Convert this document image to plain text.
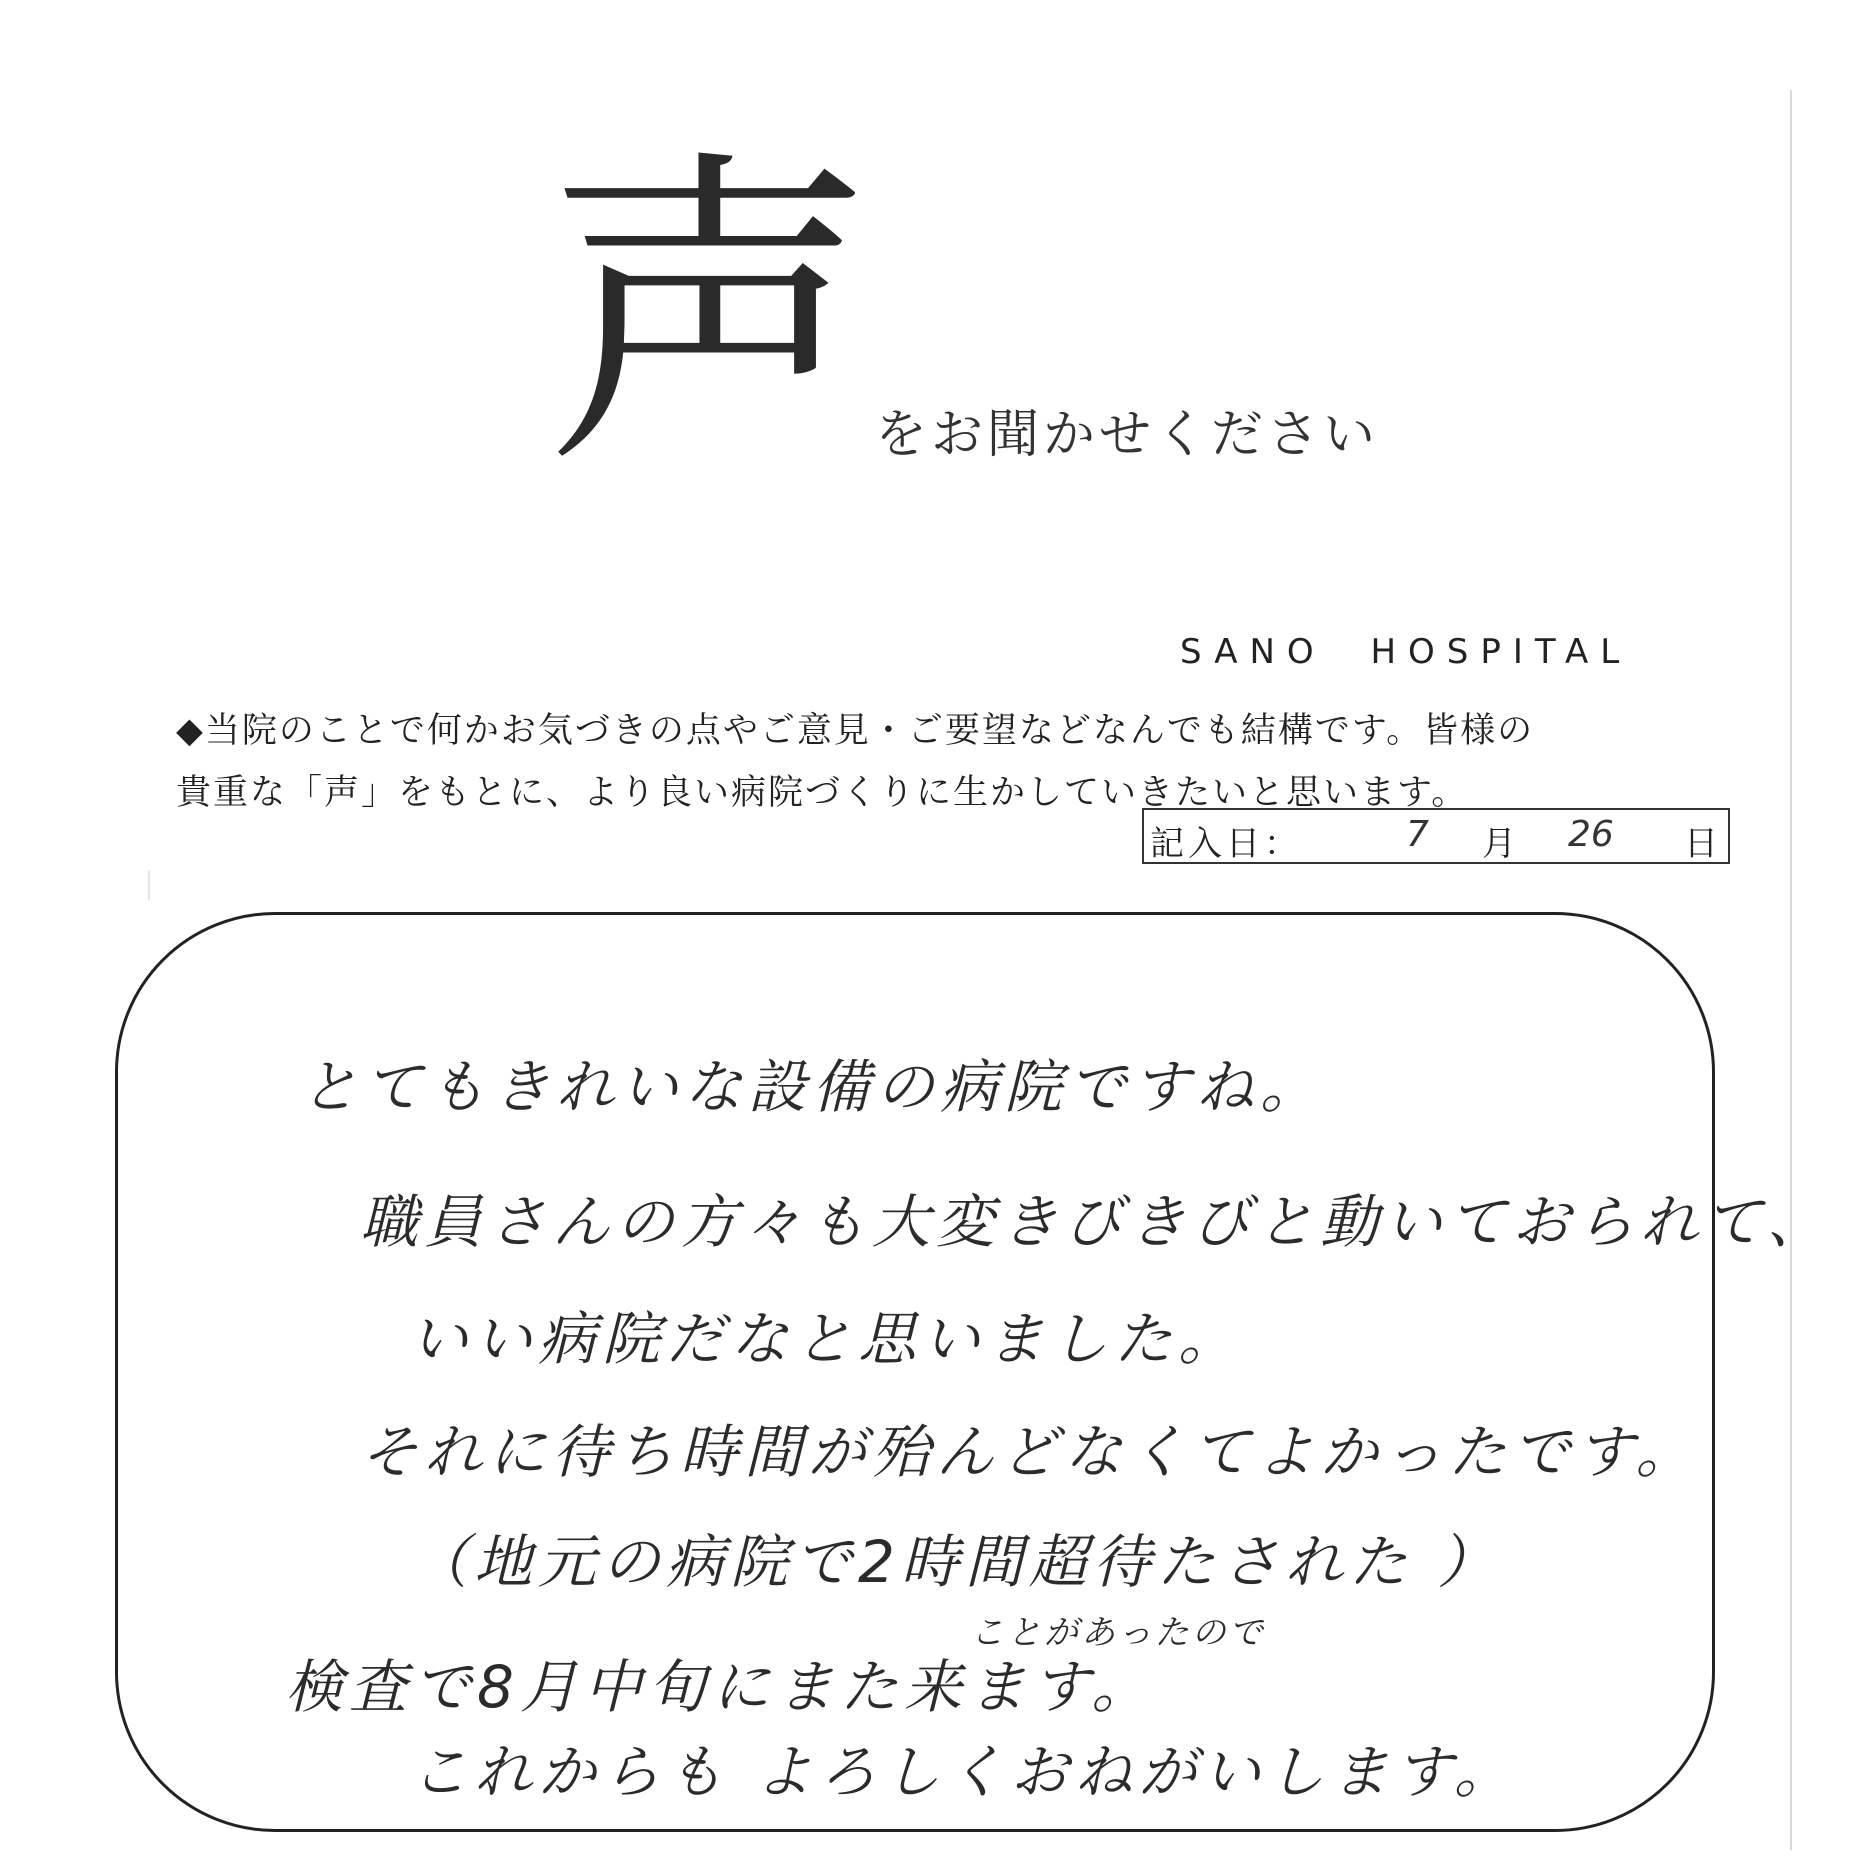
声 をお聞かせください
SANO HOSPITAL
◆当院のことで何かお気づきの点やご意見・ご要望などなんでも結構です。皆様の
貴重な「声」をもとに、より良い病院づくりに生かしていきたいと思います。
記入日：	7 月 26 日
とてもきれいな設備の病院ですね。
職員さんの方々も大変きびきびと動いておられて、
いい病院だなと思いました。
それに待ち時間が殆んどなくてよかったです。
（地元の病院で2時間超待たされた ）
ことがあったので
検査で8月中旬にまた来ます。
これからも よろしくおねがいします。
